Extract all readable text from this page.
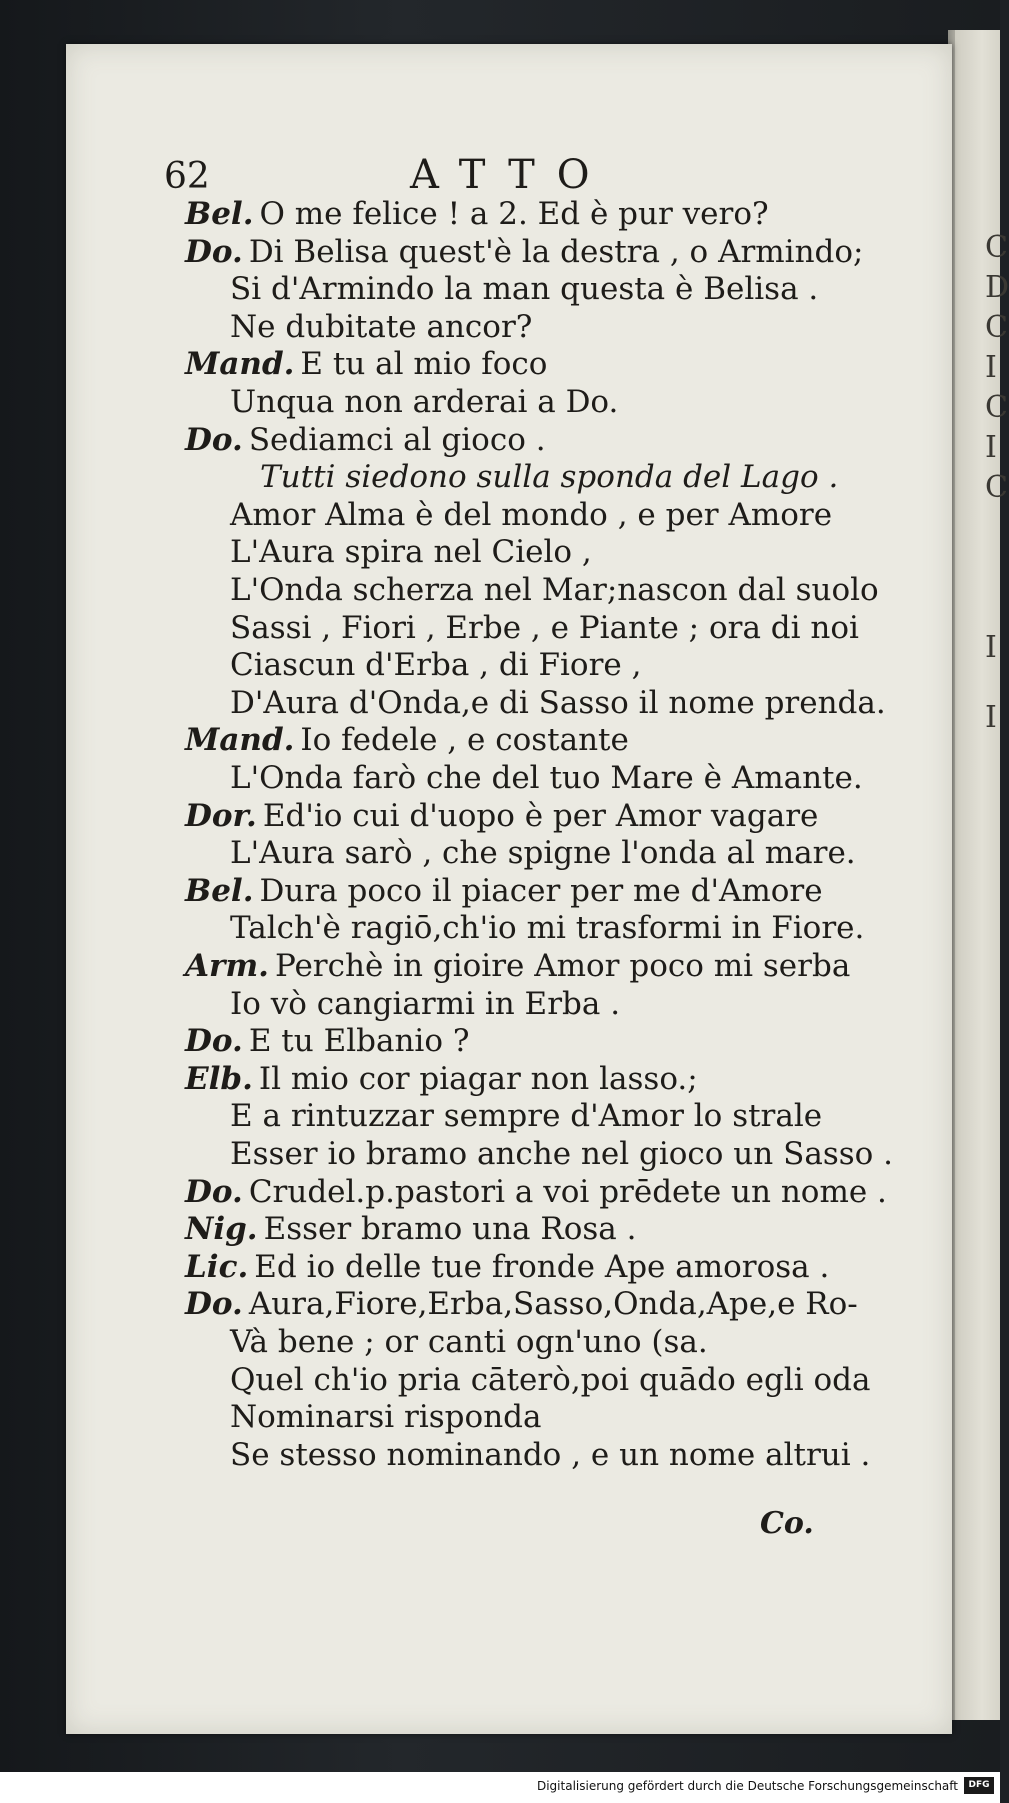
C
D
C
I
C
I
C
I
I
62	ATTO
Bel. O me felice ! a 2. Ed è pur vero?
Do. Di Belisa quest'è la destra , o Armindo;
Si d'Armindo la man questa è Belisa .
Ne dubitate ancor?
Mand. E tu al mio foco
Unqua non arderai a Do.
Do. Sediamci al gioco .
Tutti siedono sulla sponda del Lago .
Amor Alma è del mondo , e per Amore
L'Aura spira nel Cielo ,
L'Onda scherza nel Mar;nascon dal suolo
Sassi , Fiori , Erbe , e Piante ; ora di noi
Ciascun d'Erba , di Fiore ,
D'Aura d'Onda,e di Sasso il nome prenda.
Mand. Io fedele , e costante
L'Onda farò che del tuo Mare è Amante.
Dor. Ed'io cui d'uopo è per Amor vagare
L'Aura sarò , che spigne l'onda al mare.
Bel. Dura poco il piacer per me d'Amore
Talch'è ragiō,ch'io mi trasformi in Fiore.
Arm. Perchè in gioire Amor poco mi serba
Io vò cangiarmi in Erba .
Do. E tu Elbanio ?
Elb. Il mio cor piagar non lasso.;
E a rintuzzar sempre d'Amor lo strale
Esser io bramo anche nel gioco un Sasso .
Do. Crudel.p.pastori a voi prēdete un nome .
Nig. Esser bramo una Rosa .
Lic. Ed io delle tue fronde Ape amorosa .
Do. Aura,Fiore,Erba,Sasso,Onda,Ape,e Ro-
Và bene ; or canti ogn'uno (sa.
Quel ch'io pria cāterò,poi quādo egli oda
Nominarsi risponda
Se stesso nominando , e un nome altrui .
Co.
Digitalisierung gefördert durch die Deutsche Forschungsgemeinschaft	DFG
